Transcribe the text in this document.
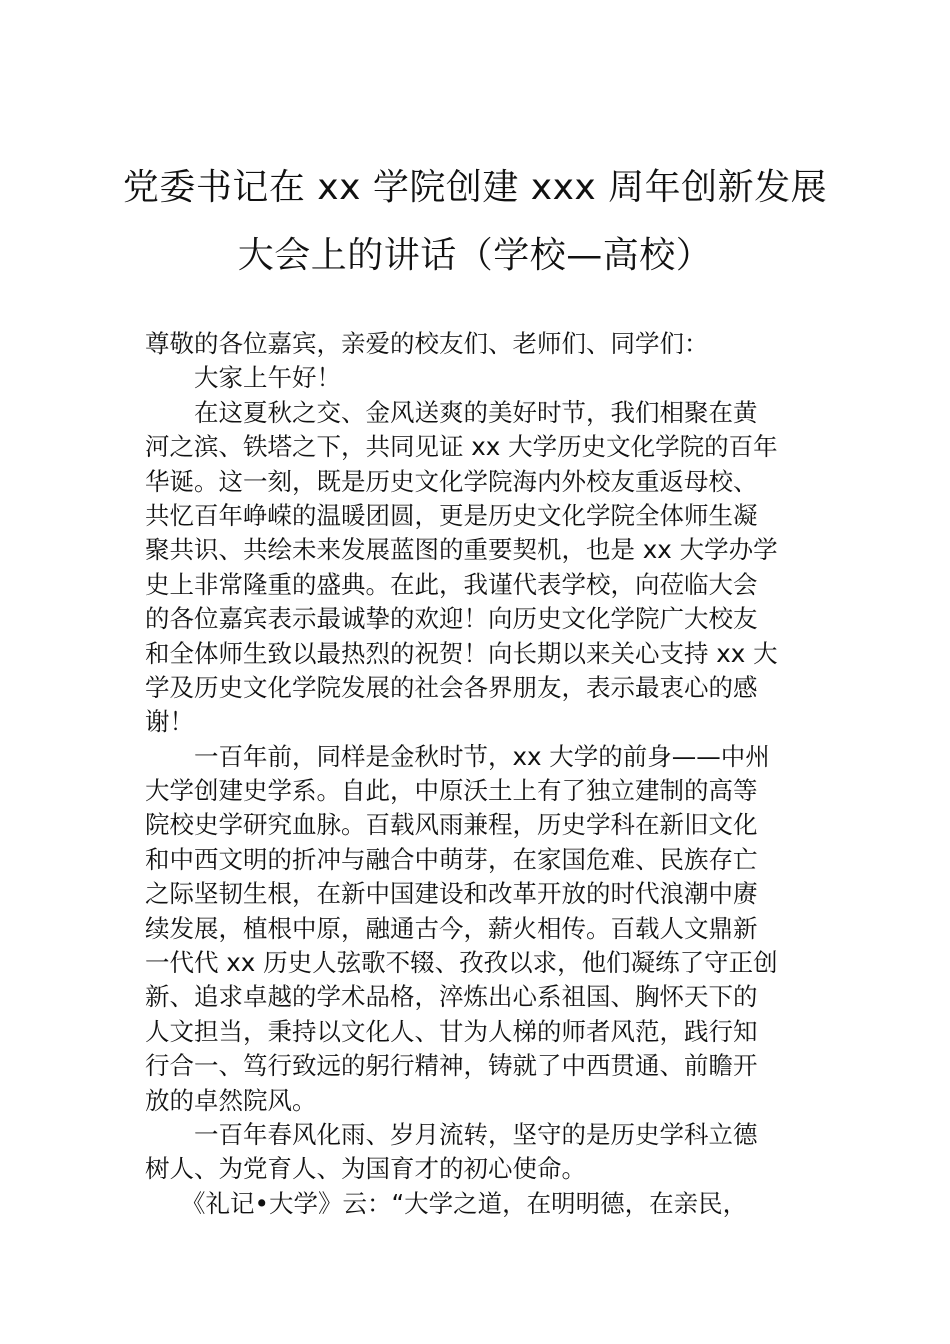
党委书记在 xx 学院创建 xxx 周年创新发展
大会上的讲话（学校—高校）
尊敬的各位嘉宾，亲爱的校友们、老师们、同学们：
大家上午好！
在这夏秋之交、金风送爽的美好时节，我们相聚在黄
河之滨、铁塔之下，共同见证 xx 大学历史文化学院的百年
华诞。这一刻，既是历史文化学院海内外校友重返母校、
共忆百年峥嵘的温暖团圆，更是历史文化学院全体师生凝
聚共识、共绘未来发展蓝图的重要契机，也是 xx 大学办学
史上非常隆重的盛典。在此，我谨代表学校，向莅临大会
的各位嘉宾表示最诚挚的欢迎！向历史文化学院广大校友
和全体师生致以最热烈的祝贺！向长期以来关心支持 xx 大
学及历史文化学院发展的社会各界朋友，表示最衷心的感
谢！
一百年前，同样是金秋时节，xx 大学的前身——中州
大学创建史学系。自此，中原沃土上有了独立建制的高等
院校史学研究血脉。百载风雨兼程，历史学科在新旧文化
和中西文明的折冲与融合中萌芽，在家国危难、民族存亡
之际坚韧生根，在新中国建设和改革开放的时代浪潮中赓
续发展，植根中原，融通古今，薪火相传。百载人文鼎新
一代代 xx 历史人弦歌不辍、孜孜以求，他们凝练了守正创
新、追求卓越的学术品格，淬炼出心系祖国、胸怀天下的
人文担当，秉持以文化人、甘为人梯的师者风范，践行知
行合一、笃行致远的躬行精神，铸就了中西贯通、前瞻开
放的卓然院风。
一百年春风化雨、岁月流转，坚守的是历史学科立德
树人、为党育人、为国育才的初心使命。
《礼记•大学》云：“大学之道，在明明德，在亲民，
